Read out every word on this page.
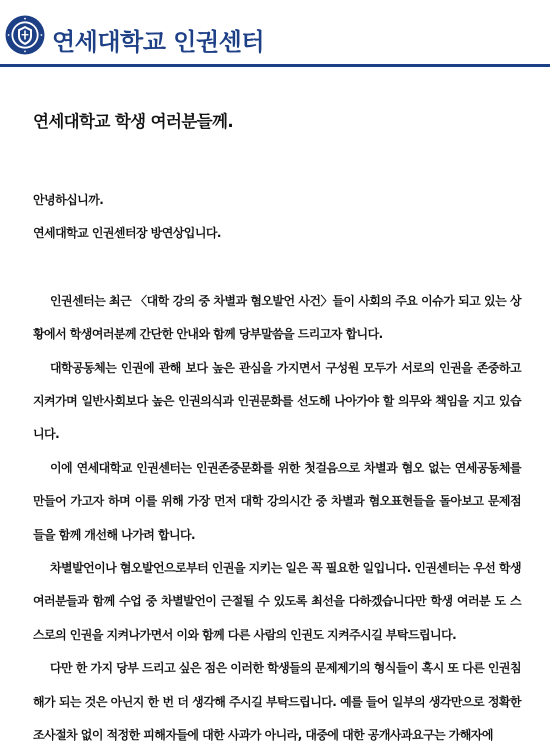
연세대학교 인권센터
연세대학교 학생 여러분들께.

안녕하십니까.

연세대학교 인권센터장 방연상입니다.

인권센터는 최근 〈대학 강의 중 차별과 혐오발언 사건〉들이 사회의 주요 이슈가 되고 있는 상황에서 학생여러분께 간단한 안내와 함께 당부말씀을 드리고자 합니다.

대학공동체는 인권에 관해 보다 높은 관심을 가지면서 구성원 모두가 서로의 인권을 존중하고 지켜가며 일반사회보다 높은 인권의식과 인권문화를 선도해 나아가야 할 의무와 책임을 지고 있습니다.

이에 연세대학교 인권센터는 인권존중문화를 위한 첫걸음으로 차별과 혐오 없는 연세공동체를 만들어 가고자 하며 이를 위해 가장 먼저 대학 강의시간 중 차별과 혐오표현들을 돌아보고 문제점들을 함께 개선해 나가려 합니다.

차별발언이나 혐오발언으로부터 인권을 지키는 일은 꼭 필요한 일입니다. 인권센터는 우선 학생여러분들과 함께 수업 중 차별발언이 근절될 수 있도록 최선을 다하겠습니다만 학생 여러분 도 스스로의 인권을 지켜나가면서 이와 함께 다른 사람의 인권도 지켜주시길 부탁드립니다.

다만 한 가지 당부 드리고 싶은 점은 이러한 학생들의 문제제기의 형식들이 혹시 또 다른 인권침해가 되는 것은 아닌지 한 번 더 생각해 주시길 부탁드립니다. 예를 들어 일부의 생각만으로 정확한 조사절차 없이 적정한 피해자들에 대한 사과가 아니라, 대중에 대한 공개사과요구는 가해자에
